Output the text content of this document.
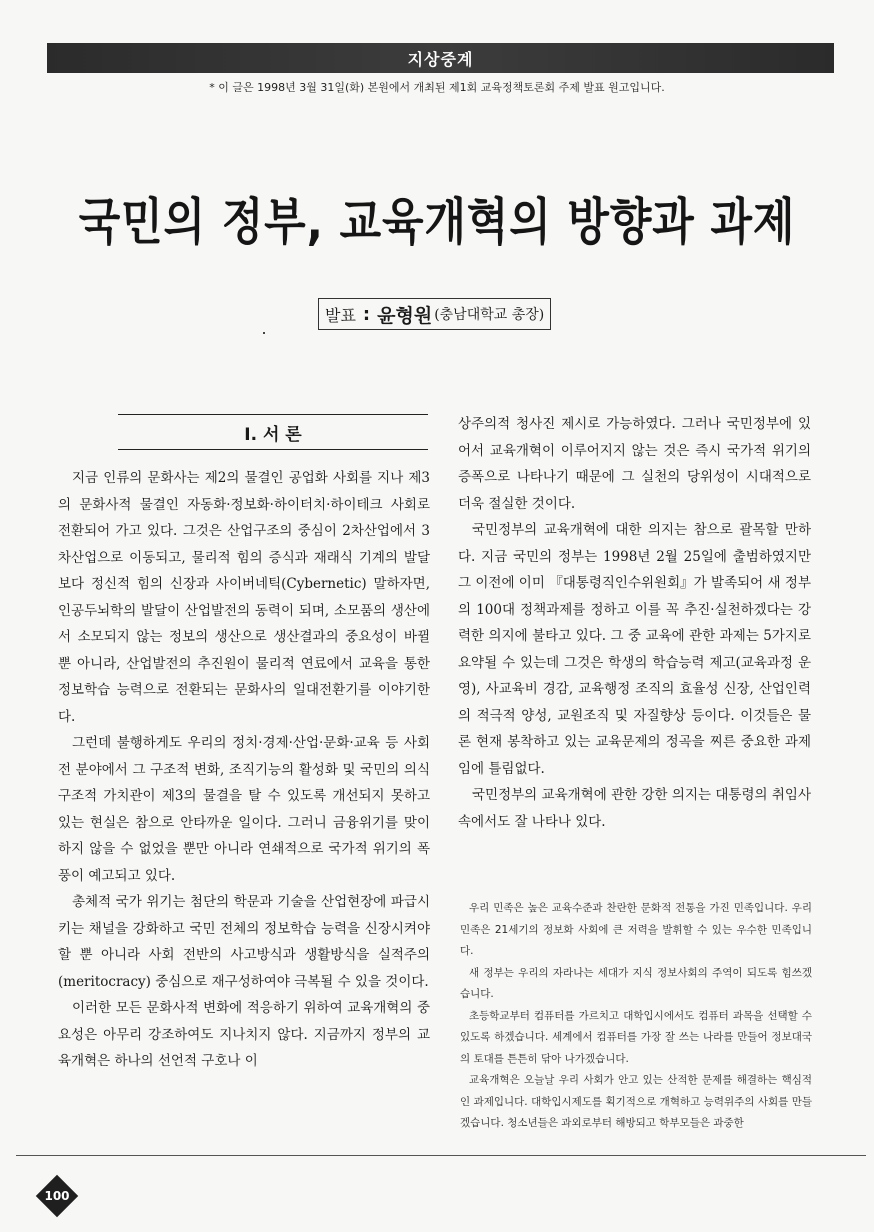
지상중계
* 이 글은 1998년 3월 31일(화) 본원에서 개최된 제1회 교육정책토론회 주제 발표 원고입니다.
국민의 정부, 교육개혁의 방향과 과제
발표 : 윤형원 (충남대학교 총장)
Ⅰ. 서 론

지금 인류의 문화사는 제2의 물결인 공업화 사회를 지나 제3의 문화사적 물결인 자동화·정보화·하이터치·하이테크 사회로 전환되어 가고 있다. 그것은 산업구조의 중심이 2차산업에서 3차산업으로 이동되고, 물리적 힘의 증식과 재래식 기계의 발달보다 정신적 힘의 신장과 사이버네틱(Cybernetic) 말하자면, 인공두뇌학의 발달이 산업발전의 동력이 되며, 소모품의 생산에서 소모되지 않는 정보의 생산으로 생산결과의 중요성이 바뀔 뿐 아니라, 산업발전의 추진원이 물리적 연료에서 교육을 통한 정보학습 능력으로 전환되는 문화사의 일대전환기를 이야기한다.

그런데 불행하게도 우리의 정치·경제·산업·문화·교육 등 사회 전 분야에서 그 구조적 변화, 조직기능의 활성화 및 국민의 의식구조적 가치관이 제3의 물결을 탈 수 있도록 개선되지 못하고 있는 현실은 참으로 안타까운 일이다. 그러니 금융위기를 맞이하지 않을 수 없었을 뿐만 아니라 연쇄적으로 국가적 위기의 폭풍이 예고되고 있다.

총체적 국가 위기는 첨단의 학문과 기술을 산업현장에 파급시키는 채널을 강화하고 국민 전체의 정보학습 능력을 신장시켜야할 뿐 아니라 사회 전반의 사고방식과 생활방식을 실적주의(meritocracy) 중심으로 재구성하여야 극복될 수 있을 것이다.

이러한 모든 문화사적 변화에 적응하기 위하여 교육개혁의 중요성은 아무리 강조하여도 지나치지 않다. 지금까지 정부의 교육개혁은 하나의 선언적 구호나 이

상주의적 청사진 제시로 가능하였다. 그러나 국민정부에 있어서 교육개혁이 이루어지지 않는 것은 즉시 국가적 위기의 증폭으로 나타나기 때문에 그 실천의 당위성이 시대적으로 더욱 절실한 것이다.

국민정부의 교육개혁에 대한 의지는 참으로 괄목할 만하다. 지금 국민의 정부는 1998년 2월 25일에 출범하였지만 그 이전에 이미 『대통령직인수위원회』가 발족되어 새 정부의 100대 정책과제를 정하고 이를 꼭 추진·실천하겠다는 강력한 의지에 불타고 있다. 그 중 교육에 관한 과제는 5가지로 요약될 수 있는데 그것은 학생의 학습능력 제고(교육과정 운영), 사교육비 경감, 교육행정 조직의 효율성 신장, 산업인력의 적극적 양성, 교원조직 및 자질향상 등이다. 이것들은 물론 현재 봉착하고 있는 교육문제의 정곡을 찌른 중요한 과제임에 틀림없다.

국민정부의 교육개혁에 관한 강한 의지는 대통령의 취임사 속에서도 잘 나타나 있다.

우리 민족은 높은 교육수준과 찬란한 문화적 전통을 가진 민족입니다. 우리 민족은 21세기의 정보화 사회에 큰 저력을 발휘할 수 있는 우수한 민족입니다.

새 정부는 우리의 자라나는 세대가 지식 정보사회의 주역이 되도록 힘쓰겠습니다.

초등학교부터 컴퓨터를 가르치고 대학입시에서도 컴퓨터 과목을 선택할 수 있도록 하겠습니다. 세계에서 컴퓨터를 가장 잘 쓰는 나라를 만들어 정보대국의 토대를 튼튼히 닦아 나가겠습니다.

교육개혁은 오늘날 우리 사회가 안고 있는 산적한 문제를 해결하는 핵심적인 과제입니다. 대학입시제도를 획기적으로 개혁하고 능력위주의 사회를 만들겠습니다. 청소년들은 과외로부터 해방되고 학부모들은 과중한

100
